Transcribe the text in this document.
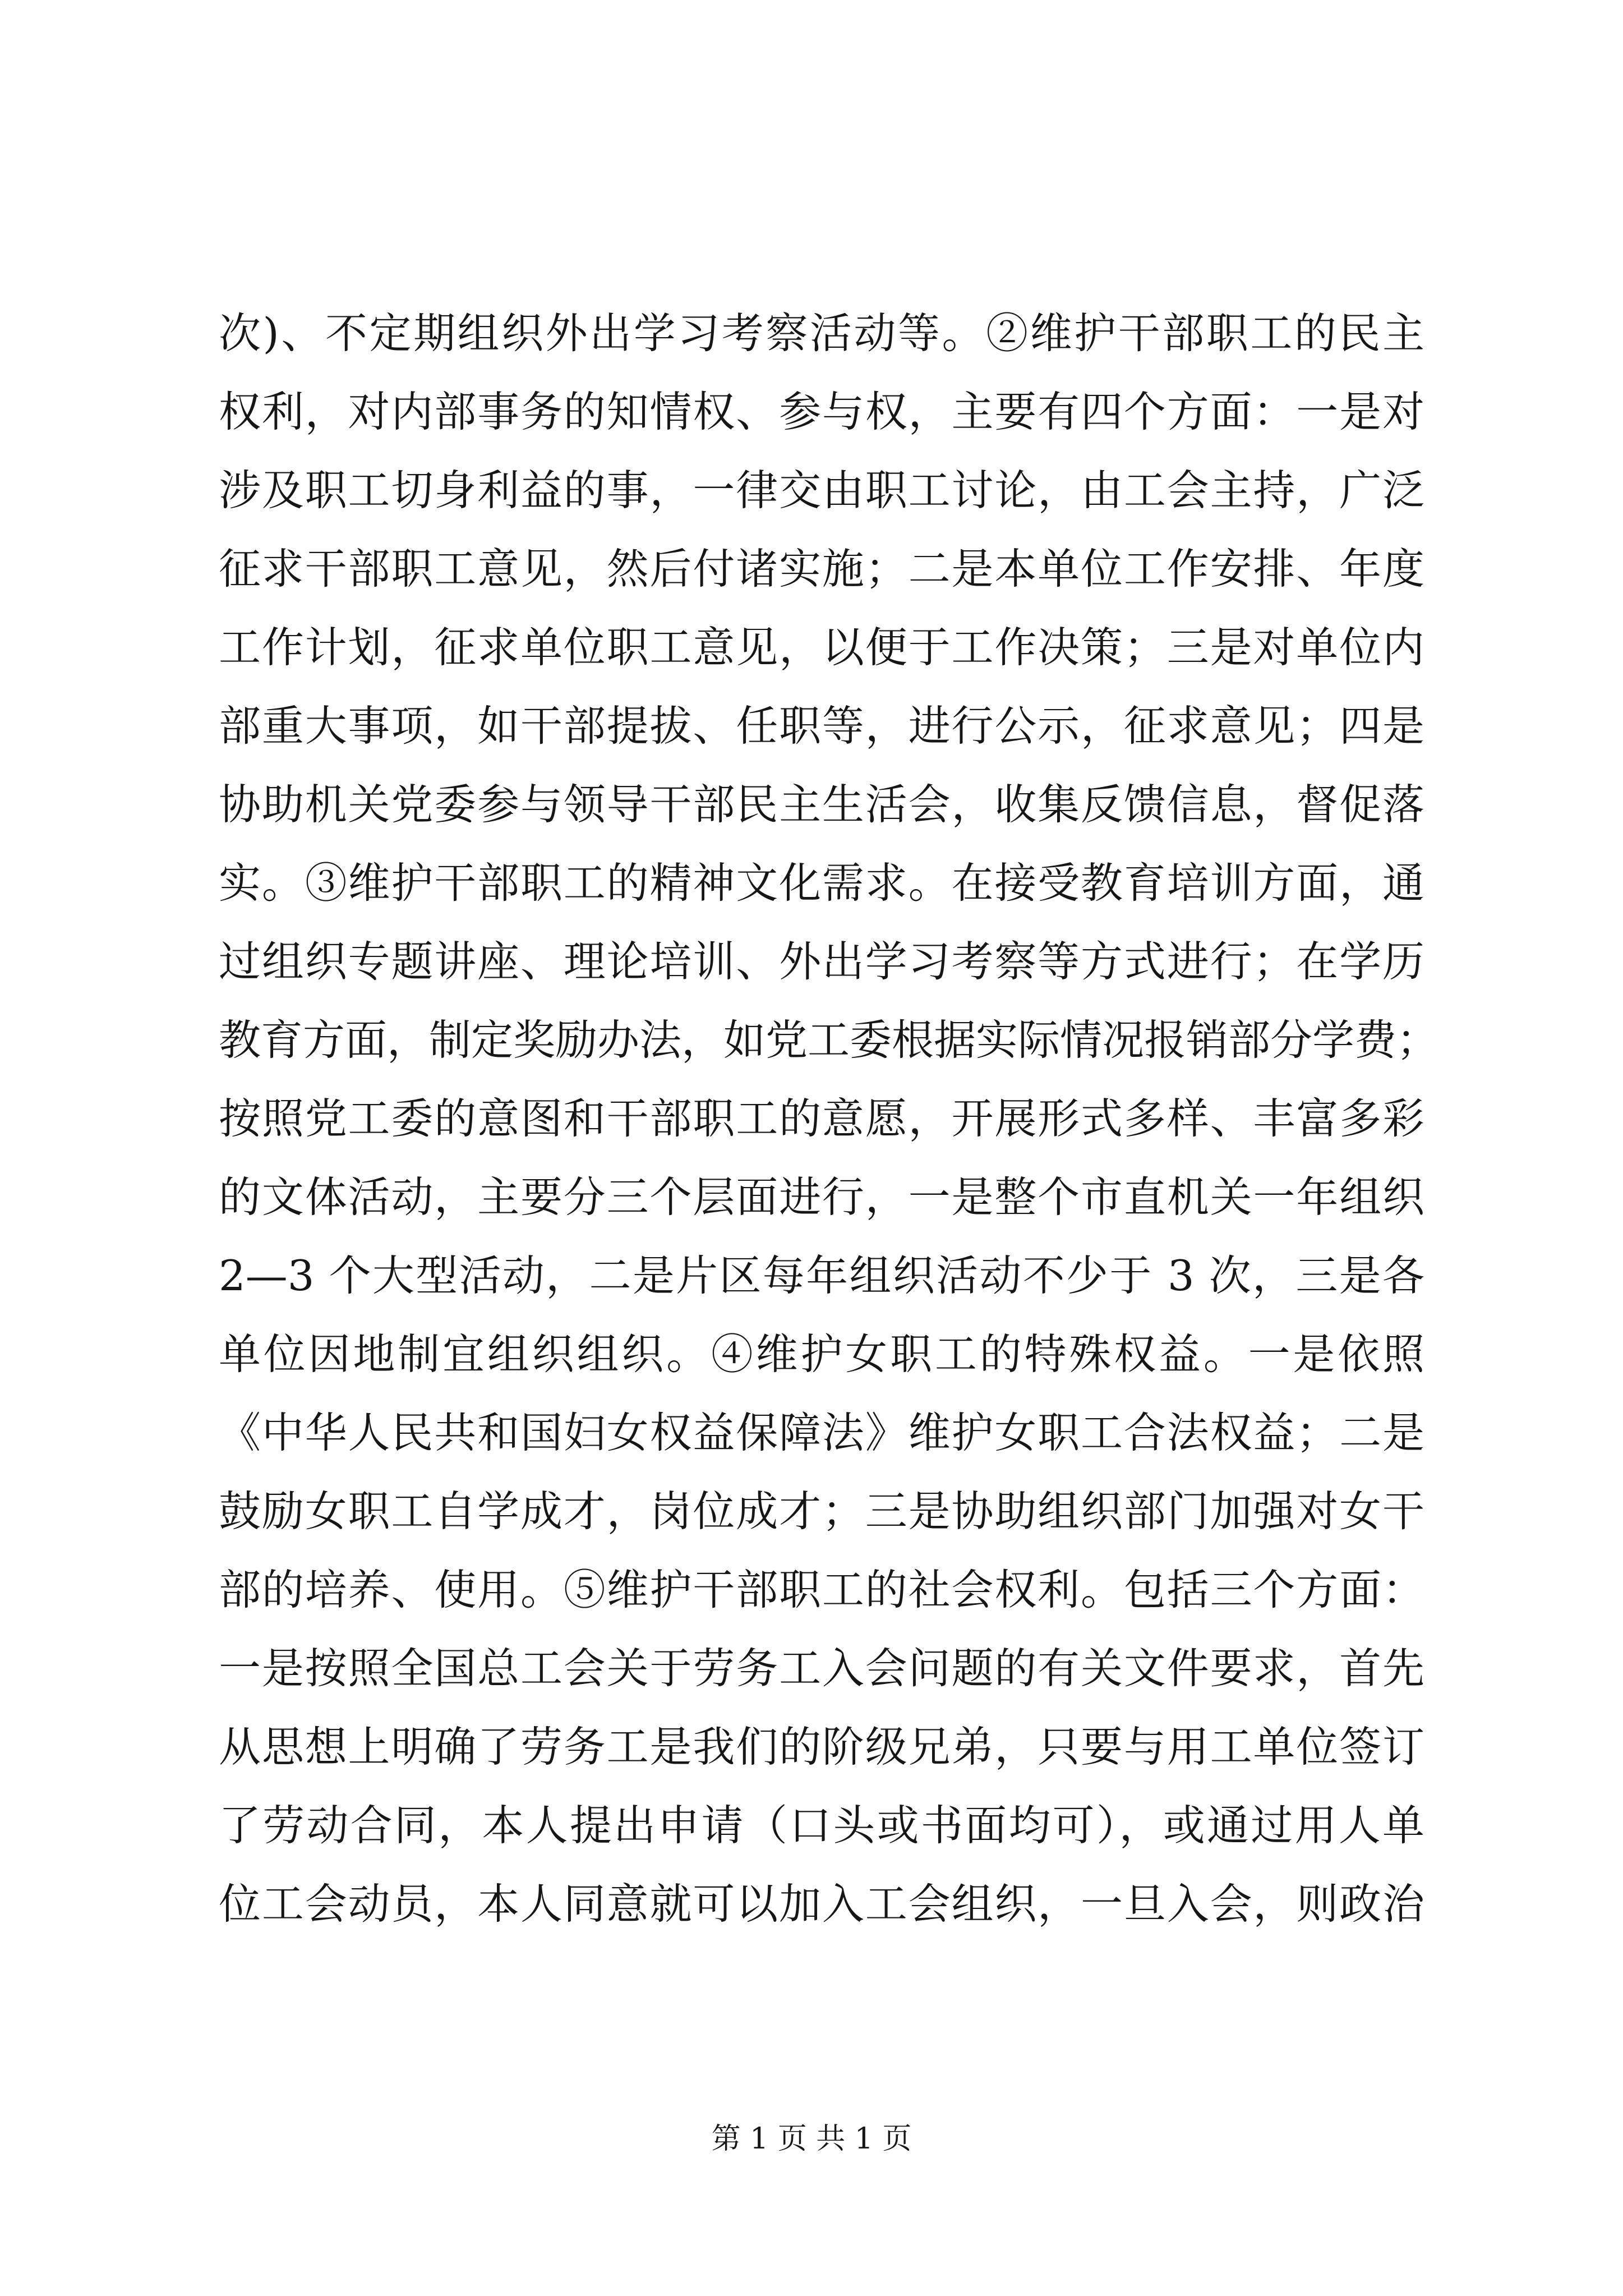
次)、不定期组织外出学习考察活动等。②维护干部职工的民主
权利，对内部事务的知情权、参与权，主要有四个方面：一是对
涉及职工切身利益的事，一律交由职工讨论，由工会主持，广泛
征求干部职工意见，然后付诸实施；二是本单位工作安排、年度
工作计划，征求单位职工意见，以便于工作决策；三是对单位内
部重大事项，如干部提拔、任职等，进行公示，征求意见；四是
协助机关党委参与领导干部民主生活会，收集反馈信息，督促落
实。③维护干部职工的精神文化需求。在接受教育培训方面，通
过组织专题讲座、理论培训、外出学习考察等方式进行；在学历
教育方面，制定奖励办法，如党工委根据实际情况报销部分学费；
按照党工委的意图和干部职工的意愿，开展形式多样、丰富多彩
的文体活动，主要分三个层面进行，一是整个市直机关一年组织
2—3 个大型活动，二是片区每年组织活动不少于 3 次，三是各
单位因地制宜组织组织。④维护女职工的特殊权益。一是依照
《中华人民共和国妇女权益保障法》维护女职工合法权益；二是
鼓励女职工自学成才，岗位成才；三是协助组织部门加强对女干
部的培养、使用。⑤维护干部职工的社会权利。包括三个方面：
一是按照全国总工会关于劳务工入会问题的有关文件要求，首先
从思想上明确了劳务工是我们的阶级兄弟，只要与用工单位签订
了劳动合同，本人提出申请（口头或书面均可），或通过用人单
位工会动员，本人同意就可以加入工会组织，一旦入会，则政治
第 1 页 共 1 页
